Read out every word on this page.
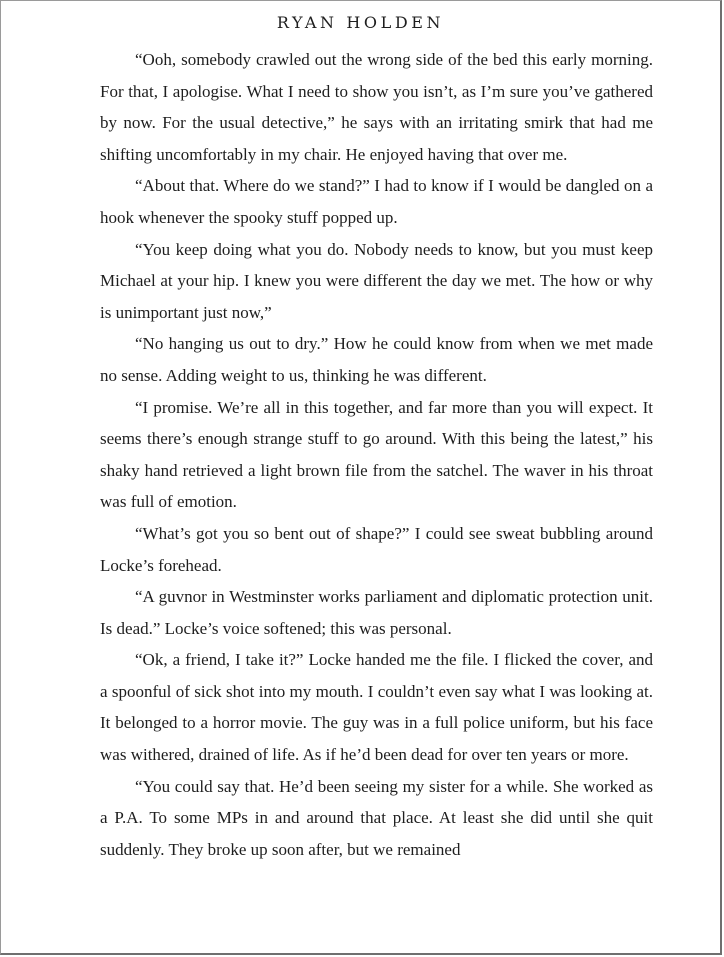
RYAN HOLDEN

“Ooh, somebody crawled out the wrong side of the bed this early morning. For that, I apologise. What I need to show you isn’t, as I’m sure you’ve gathered by now. For the usual detective,” he says with an irritating smirk that had me shifting uncomfortably in my chair. He enjoyed having that over me.

“About that. Where do we stand?” I had to know if I would be dangled on a hook whenever the spooky stuff popped up.

“You keep doing what you do. Nobody needs to know, but you must keep Michael at your hip. I knew you were different the day we met. The how or why is unimportant just now,”

“No hanging us out to dry.” How he could know from when we met made no sense. Adding weight to us, thinking he was different.

“I promise. We’re all in this together, and far more than you will expect. It seems there’s enough strange stuff to go around. With this being the latest,” his shaky hand retrieved a light brown file from the satchel. The waver in his throat was full of emotion.

“What’s got you so bent out of shape?” I could see sweat bubbling around Locke’s forehead.

“A guvnor in Westminster works parliament and diplomatic protection unit. Is dead.” Locke’s voice softened; this was personal.

“Ok, a friend, I take it?” Locke handed me the file. I flicked the cover, and a spoonful of sick shot into my mouth. I couldn’t even say what I was looking at. It belonged to a horror movie. The guy was in a full police uniform, but his face was withered, drained of life. As if he’d been dead for over ten years or more.

“You could say that. He’d been seeing my sister for a while. She worked as a P.A. To some MPs in and around that place. At least she did until she quit suddenly. They broke up soon after, but we remained
